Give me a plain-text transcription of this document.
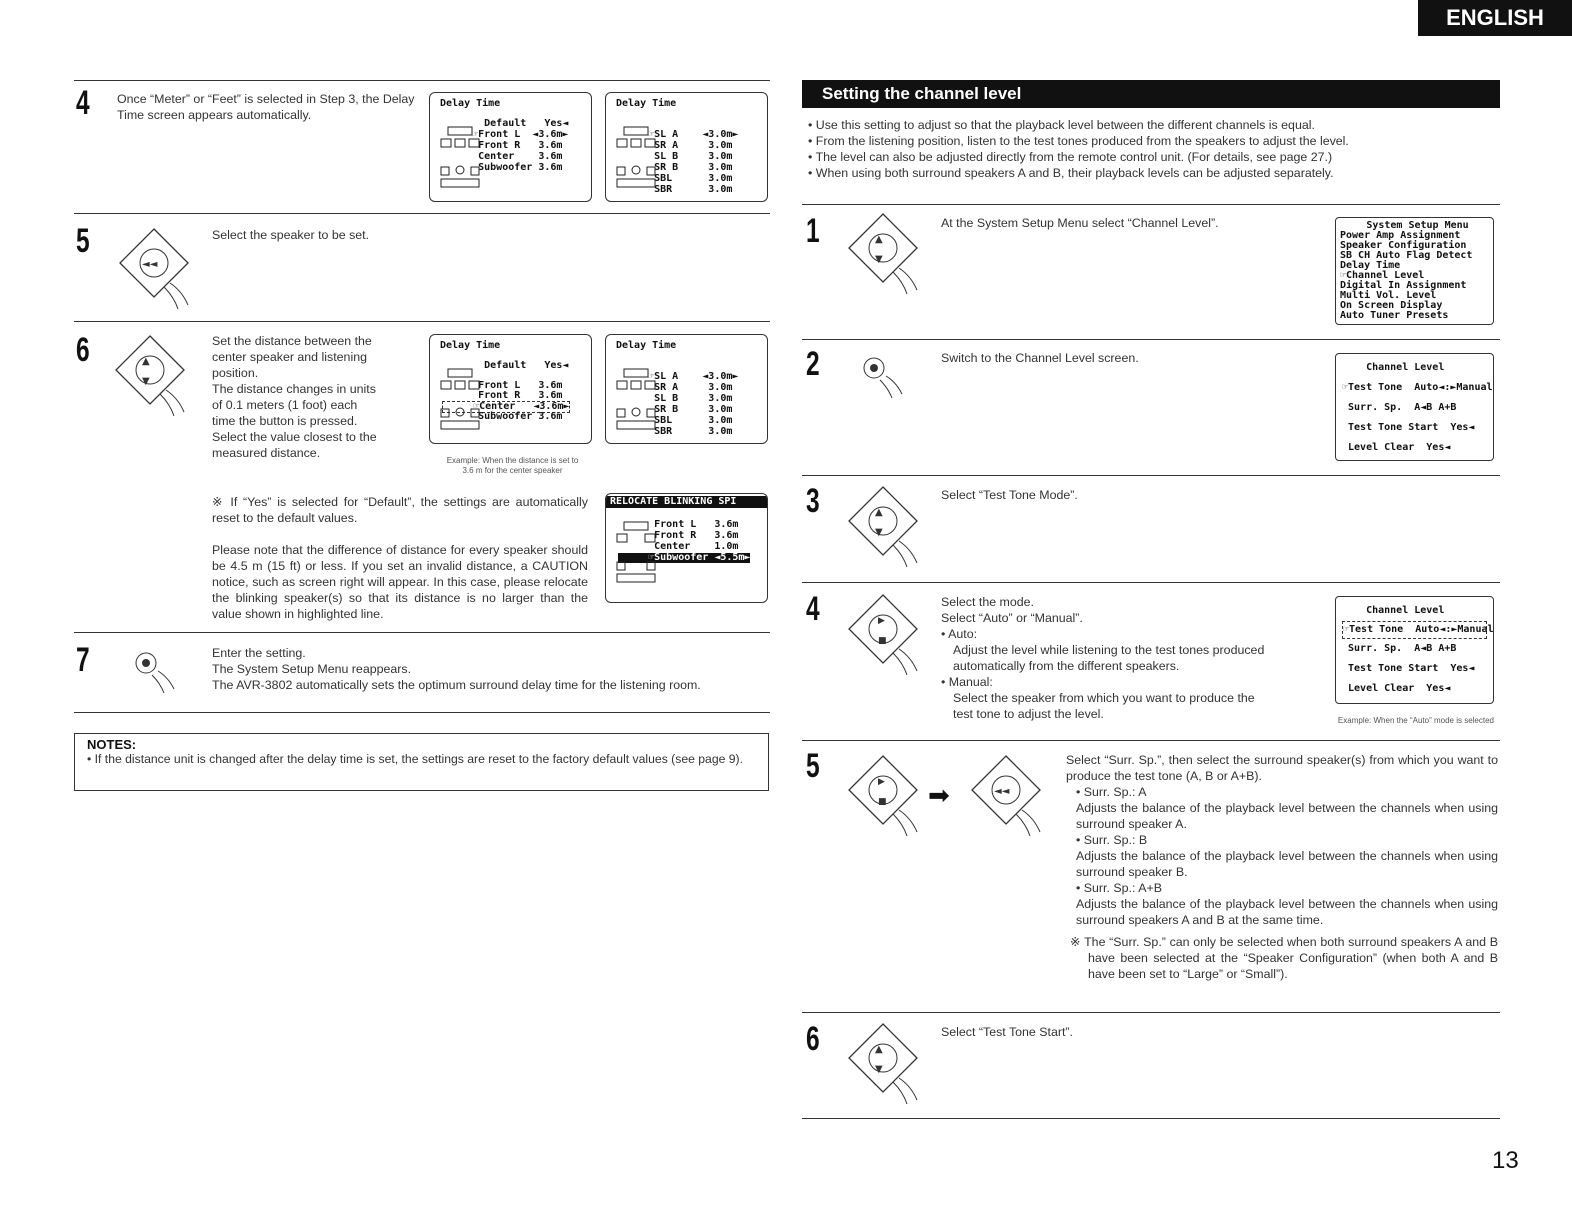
ENGLISH
4 Once “Meter” or “Feet” is selected in Step 3, the Delay Time screen appears automatically.
Delay Time
Default   Yes◄
☞Front L  ◄3.6m►
Front R   3.6m
Center    3.6m
Subwoofer 3.6m
Delay Time
☞SL A    ◄3.0m►
SR A     3.0m
SL B     3.0m
SR B     3.0m
SBL      3.0m
SBR      3.0m
5
◄◄
Select the speaker to be set.
6	▲
▼

Set the distance between the

center speaker and listening

position.

The distance changes in units

of 0.1 meters (1 foot) each

time the button is pressed.

Select the value closest to the

measured distance.

Delay Time
Default   Yes◄
Front L   3.6m
Front R   3.6m
☞Center   ◄3.6m►
Subwoofer 3.6m
Delay Time
☞SL A    ◄3.0m►
SR A     3.0m
SL B     3.0m
SR B     3.0m
SBL      3.0m
SBR      3.0m
Example: When the distance is set to
3.6 m for the center speaker
※ If “Yes” is selected for “Default”, the settings are automatically reset to the default values.
Please note that the difference of distance for every speaker should be 4.5 m (15 ft) or less. If you set an invalid distance, a CAUTION notice, such as screen right will appear. In this case, please relocate the blinking speaker(s) so that its distance is no larger than the value shown in highlighted line.
RELOCATE BLINKING SPI
Front L   3.6m
Front R   3.6m
Center    1.0m
☞Subwoofer ◄5.5m►
7	Enter the setting.

The System Setup Menu reappears.

The AVR-3802 automatically sets the optimum surround delay time for the listening room.

NOTES:
• If the distance unit is changed after the delay time is set, the settings are reset to the factory default values (see page 9).
Setting the channel level
• Use this setting to adjust so that the playback level between the different channels is equal.
• From the listening position, listen to the test tones produced from the speakers to adjust the level.
• The level can also be adjusted directly from the remote control unit. (For details, see page 27.)
• When using both surround speakers A and B, their playback levels can be adjusted separately.
1	▲
▼
At the System Setup Menu select “Channel Level”.	System Setup Menu
Power Amp Assignment
Speaker Configuration
SB CH Auto Flag Detect
Delay Time
☞Channel Level
Digital In Assignment
Multi Vol. Level
On Screen Display
Auto Tuner Presets
2	Switch to the Channel Level screen.
Channel Level
☞Test Tone  Auto◄:►Manual
Surr. Sp.  A◄B A+B
Test Tone Start  Yes◄
Level Clear  Yes◄
3	▲
▼
Select “Test Tone Mode”.
4	▶
■

Select the mode.

Select “Auto” or “Manual”.

• Auto:

Adjust the level while listening to the test tones produced

automatically from the different speakers.

• Manual:

Select the speaker from which you want to produce the

test tone to adjust the level.

Channel Level
☞Test Tone  Auto◄:►Manual
Surr. Sp.  A◄B A+B
Test Tone Start  Yes◄
Level Clear  Yes◄
Example: When the “Auto” mode is selected
5	▶
■ ➡	◄◄

Select “Surr. Sp.”, then select the surround speaker(s) from which you want to produce the test tone (A, B or A+B).

• Surr. Sp.: A

Adjusts the balance of the playback level between the channels when using surround speaker A.

• Surr. Sp.: B

Adjusts the balance of the playback level between the channels when using surround speaker B.

• Surr. Sp.: A+B

Adjusts the balance of the playback level between the channels when using surround speakers A and B at the same time.

※ The “Surr. Sp.” can only be selected when both surround speakers A and B have been selected at the “Speaker Configuration” (when both A and B have been set to “Large” or “Small”).

6	▲
▼
Select “Test Tone Start”.
13
